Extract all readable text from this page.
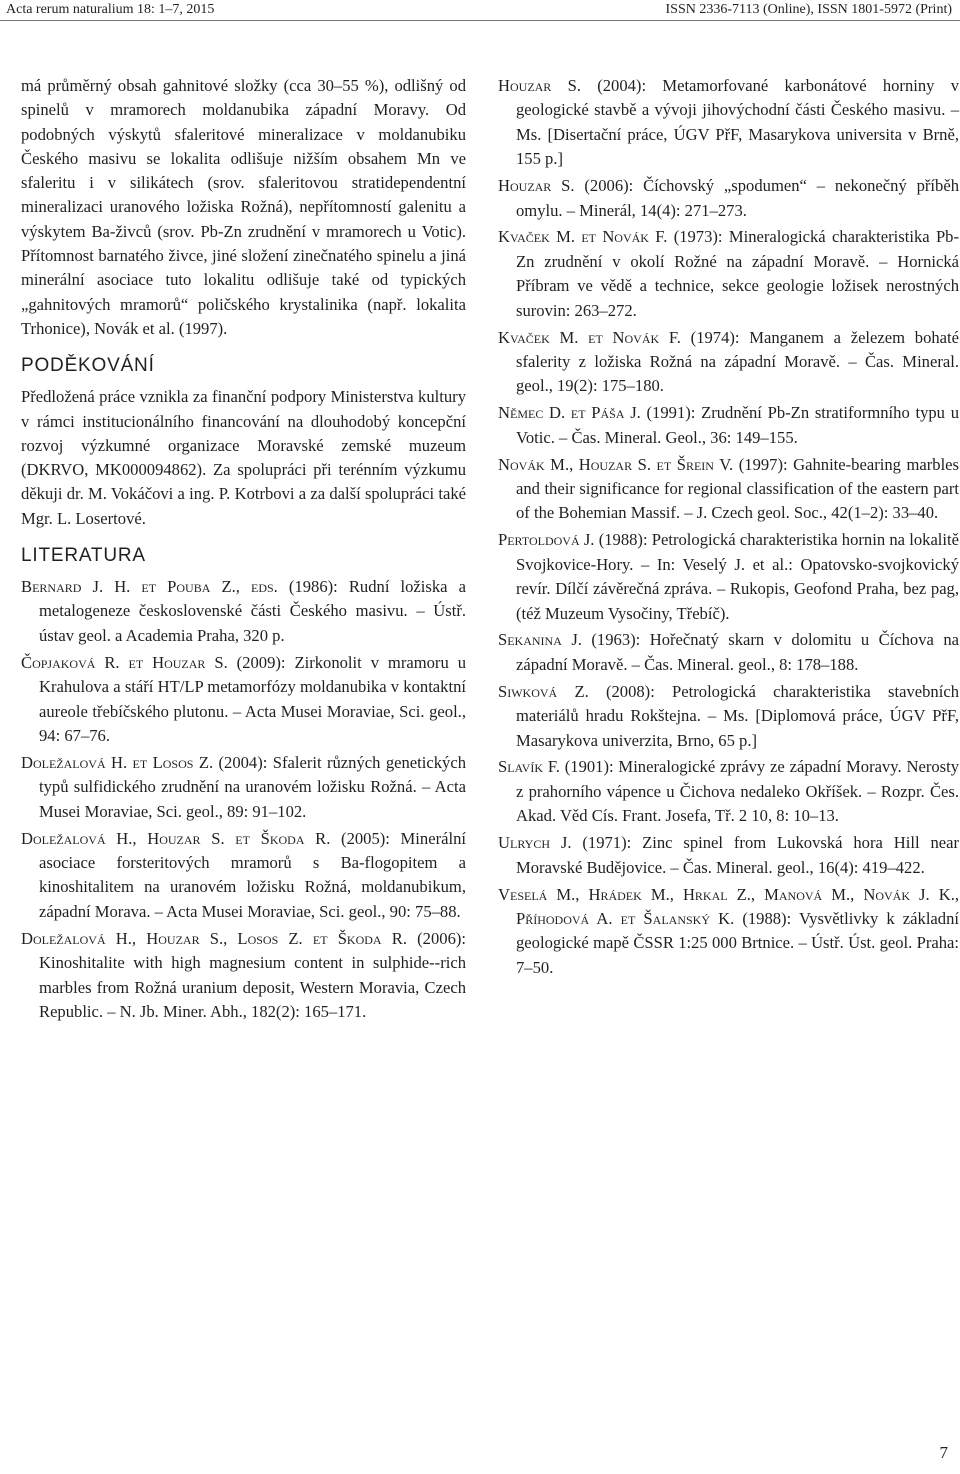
Acta rerum naturalium 18: 1–7, 2015	ISSN 2336-7113 (Online), ISSN 1801-5972 (Print)

má průměrný obsah gahnitové složky (cca 30–55 %), odlišný od spinelů v mramorech moldanubika západní Moravy. Od podobných výskytů sfaleritové mineralizace v moldanubiku Českého masivu se lokalita odlišuje nižším obsahem Mn ve sfaleritu i v silikátech (srov. sfaleritovou stratidependentní mineralizaci uranového ložiska Rožná), nepřítomností galenitu a výskytem Ba-živců (srov. Pb-Zn zrudnění v mramorech u Votic). Přítomnost barnatého živce, jiné složení zinečnatého spinelu a jiná minerální asociace tuto lokalitu odlišuje také od typických „gahnitových mramorů“ poličského krystalinika (např. lokalita Trhonice), Novák et al. (1997).

PODĚKOVÁNÍ

Předložená práce vznikla za finanční podpory Ministerstva kultury v rámci institucionálního financování na dlouhodobý koncepční rozvoj výzkumné organizace Moravské zemské muzeum (DKRVO, MK000094862). Za spolupráci při terénním výzkumu děkuji dr. M. Vokáčovi a ing. P. Kotrbovi a za další spolupráci také Mgr. L. Losertové.

LITERATURA

Bernard J. H. et Pouba Z., eds. (1986): Rudní ložiska a metalogeneze československé části Českého masivu. – Ústř. ústav geol. a Academia Praha, 320 p.

Čopjaková R. et Houzar S. (2009): Zirkonolit v mramoru u Krahulova a stáří HT/LP metamorfózy moldanubika v kontaktní aureole třebíčského plutonu. – Acta Musei Moraviae, Sci. geol., 94: 67–76.

Doležalová H. et Losos Z. (2004): Sfalerit různých genetických typů sulfidického zrudnění na uranovém ložisku Rožná. – Acta Musei Moraviae, Sci. geol., 89: 91–102.

Doležalová H., Houzar S. et Škoda R. (2005): Minerální asociace forsteritových mramorů s Ba-flogopitem a kinoshitalitem na uranovém ložisku Rožná, moldanubikum, západní Morava. – Acta Musei Moraviae, Sci. geol., 90: 75–88.

Doležalová H., Houzar S., Losos Z. et Škoda R. (2006): Kinoshitalite with high magnesium content in sulphide--rich marbles from Rožná uranium deposit, Western Moravia, Czech Republic. – N. Jb. Miner. Abh., 182(2): 165–171.

Houzar S. (2004): Metamorfované karbonátové horniny v geologické stavbě a vývoji jihovýchodní části Českého masivu. – Ms. [Disertační práce, ÚGV PřF, Masarykova universita v Brně, 155 p.]

Houzar S. (2006): Číchovský „spodumen“ – nekonečný příběh omylu. – Minerál, 14(4): 271–273.

Kvaček M. et Novák F. (1973): Mineralogická charakteristika Pb-Zn zrudnění v okolí Rožné na západní Moravě. – Hornická Příbram ve vědě a technice, sekce geologie ložisek nerostných surovin: 263–272.

Kvaček M. et Novák F. (1974): Manganem a železem bohaté sfalerity z ložiska Rožná na západní Moravě. – Čas. Mineral. geol., 19(2): 175–180.

Němec D. et Páša J. (1991): Zrudnění Pb-Zn stratiformního typu u Votic. – Čas. Mineral. Geol., 36: 149–155.

Novák M., Houzar S. et Šrein V. (1997): Gahnite-bearing marbles and their significance for regional classification of the eastern part of the Bohemian Massif. – J. Czech geol. Soc., 42(1–2): 33–40.

Pertoldová J. (1988): Petrologická charakteristika hornin na lokalitě Svojkovice-Hory. – In: Veselý J. et al.: Opatovsko-svojkovický revír. Dílčí závěrečná zpráva. – Rukopis, Geofond Praha, bez pag, (též Muzeum Vysočiny, Třebíč).

Sekanina J. (1963): Hořečnatý skarn v dolomitu u Číchova na západní Moravě. – Čas. Mineral. geol., 8: 178–188.

Siwková Z. (2008): Petrologická charakteristika stavebních materiálů hradu Rokštejna. – Ms. [Diplomová práce, ÚGV PřF, Masarykova univerzita, Brno, 65 p.]

Slavík F. (1901): Mineralogické zprávy ze západní Moravy. Nerosty z prahorního vápence u Čichova nedaleko Okříšek. – Rozpr. Čes. Akad. Věd Cís. Frant. Josefa, Tř. 2 10, 8: 10–13.

Ulrych J. (1971): Zinc spinel from Lukovská hora Hill near Moravské Budějovice. – Čas. Mineral. geol., 16(4): 419–422.

Veselá M., Hrádek M., Hrkal Z., Manová M., Novák J. K., Příhodová A. et Šalanský K. (1988): Vysvětlivky k základní geologické mapě ČSSR 1:25 000 Brtnice. – Ústř. Úst. geol. Praha: 7–50.

7
